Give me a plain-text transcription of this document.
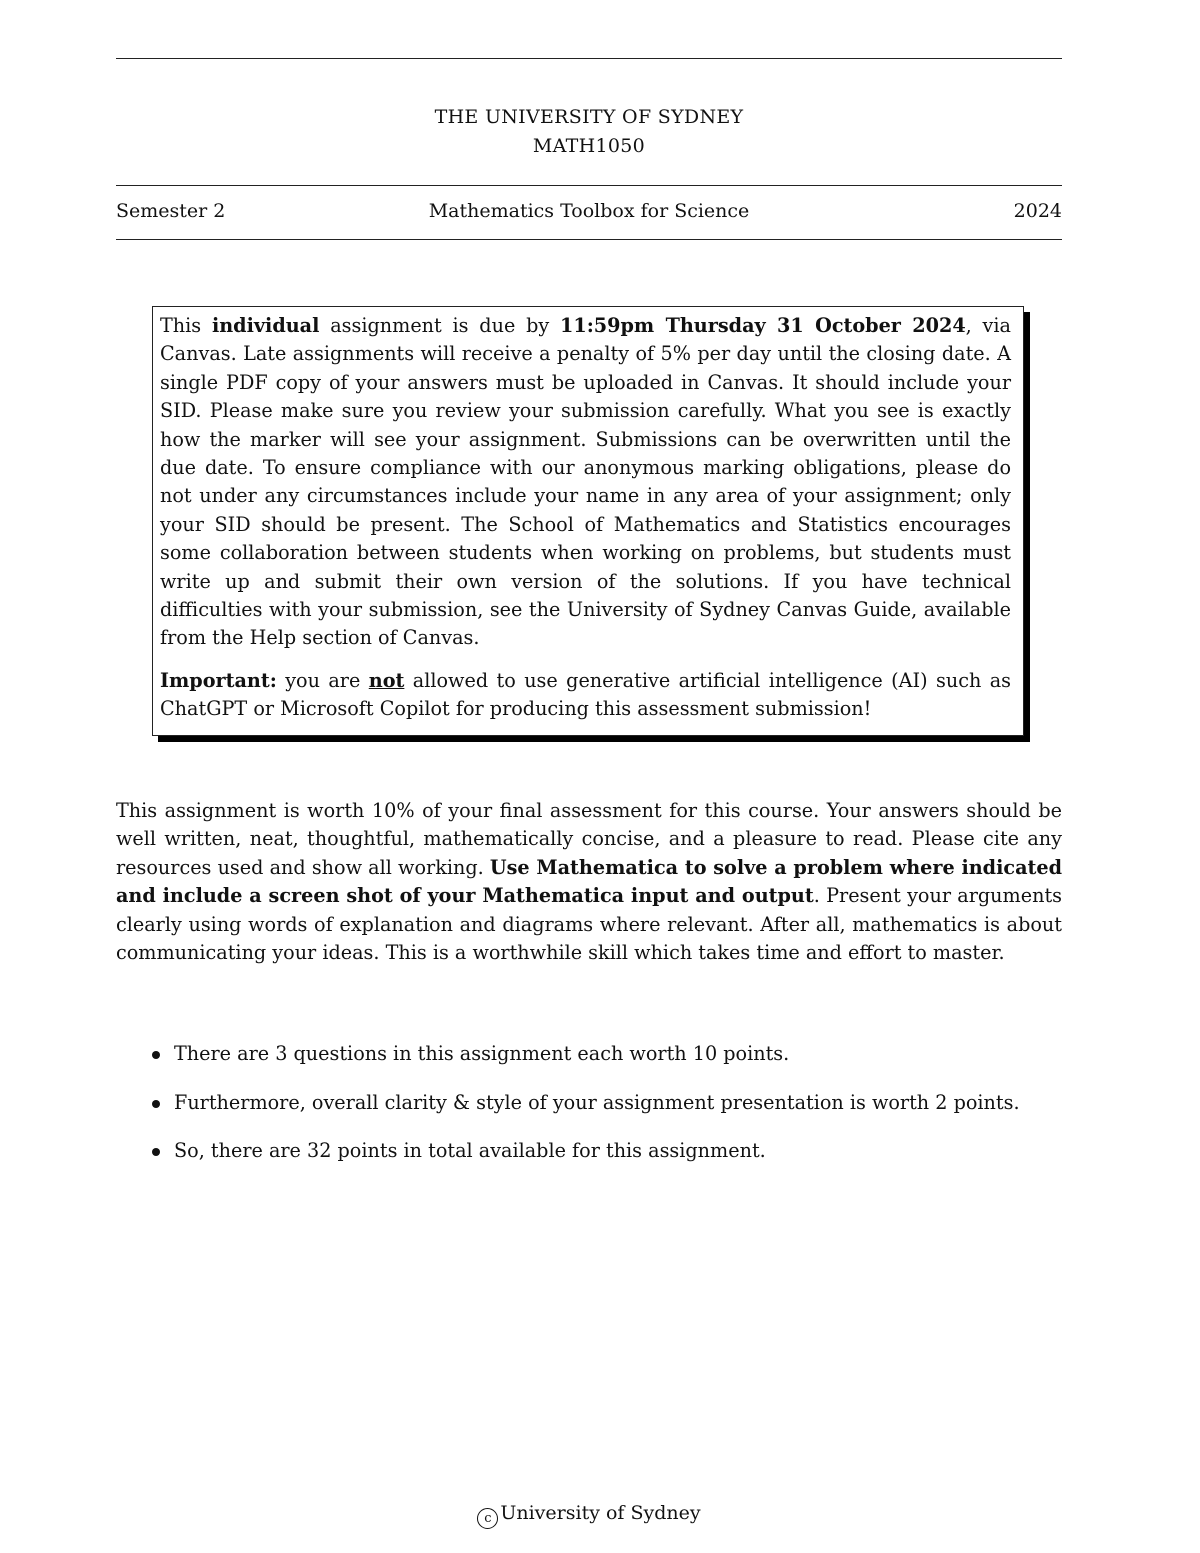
THE UNIVERSITY OF SYDNEY
MATH1050
Semester 2	Mathematics Toolbox for Science	2024

This individual assignment is due by 11:59pm Thursday 31 October 2024, via Canvas. Late assignments will receive a penalty of 5% per day until the closing date. A single PDF copy of your answers must be uploaded in Canvas. It should include your SID. Please make sure you review your submission carefully. What you see is exactly how the marker will see your assignment. Submissions can be overwritten until the due date. To ensure compliance with our anonymous marking obligations, please do not under any circumstances include your name in any area of your assignment; only your SID should be present. The School of Mathematics and Statistics encourages some collaboration between students when working on problems, but students must write up and submit their own version of the solutions. If you have technical difficulties with your submission, see the University of Sydney Canvas Guide, available from the Help section of Canvas.

Important: you are not allowed to use generative artificial intelligence (AI) such as ChatGPT or Microsoft Copilot for producing this assessment submission!

This assignment is worth 10% of your final assessment for this course. Your answers should be well written, neat, thoughtful, mathematically concise, and a pleasure to read. Please cite any resources used and show all working. Use Mathematica to solve a problem where indicated and include a screen shot of your Mathematica input and output. Present your arguments clearly using words of explanation and diagrams where relevant. After all, mathematics is about communicating your ideas. This is a worthwhile skill which takes time and effort to master.

There are 3 questions in this assignment each worth 10 points.
Furthermore, overall clarity & style of your assignment presentation is worth 2 points.
So, there are 32 points in total available for this assignment.
c University of Sydney
